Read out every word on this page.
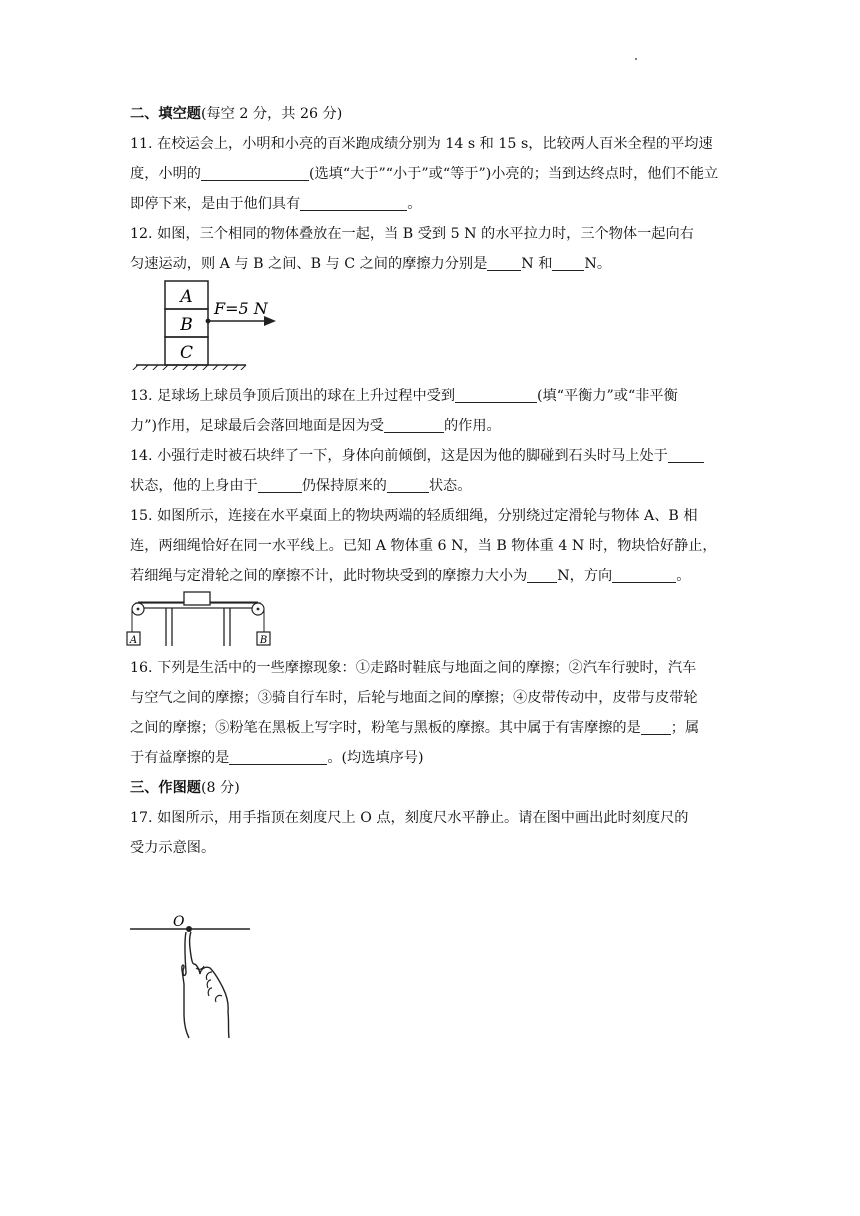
二、填空题(每空 2 分，共 26 分)
11. 在校运会上，小明和小亮的百米跑成绩分别为 14 s 和 15 s，比较两人百米全程的平均速
度，小明的	(选填“大于”“小于”或“等于”)小亮的；当到达终点时，他们不能立
即停下来，是由于他们具有	。
12. 如图，三个相同的物体叠放在一起，当 B 受到 5 N 的水平拉力时，三个物体一起向右
匀速运动，则 A 与 B 之间、B 与 C 之间的摩擦力分别是 N 和 N。
A
B
C
F=5 N
13. 足球场上球员争顶后顶出的球在上升过程中受到	(填“平衡力”或“非平衡
力”)作用，足球最后会落回地面是因为受	的作用。
14. 小强行走时被石块绊了一下，身体向前倾倒，这是因为他的脚碰到石头时马上处于
状态，他的上身由于	仍保持原来的	状态。
15. 如图所示，连接在水平桌面上的物块两端的轻质细绳，分别绕过定滑轮与物体 A、B 相
连，两细绳恰好在同一水平线上。已知 A 物体重 6 N，当 B 物体重 4 N 时，物块恰好静止，
若细绳与定滑轮之间的摩擦不计，此时物块受到的摩擦力大小为 N，方向	。
A	B
16. 下列是生活中的一些摩擦现象：①走路时鞋底与地面之间的摩擦；②汽车行驶时，汽车
与空气之间的摩擦；③骑自行车时，后轮与地面之间的摩擦；④皮带传动中，皮带与皮带轮
之间的摩擦；⑤粉笔在黑板上写字时，粉笔与黑板的摩擦。其中属于有害摩擦的是 ；属
于有益摩擦的是	。(均选填序号)
三、作图题(8 分)
17. 如图所示，用手指顶在刻度尺上 O 点，刻度尺水平静止。请在图中画出此时刻度尺的
受力示意图。
O
